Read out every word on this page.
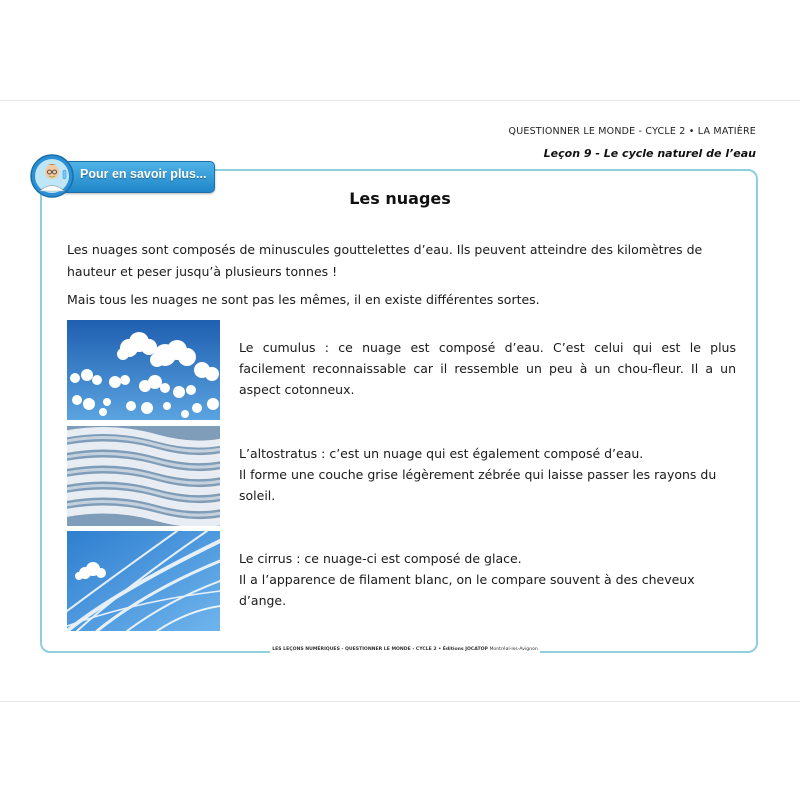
QUESTIONNER LE MONDE - CYCLE 2 • LA MATIÈRE
Leçon 9 - Le cycle naturel de l’eau
Pour en savoir plus...
Les nuages
Les nuages sont composés de minuscules gouttelettes d’eau. Ils peuvent atteindre des kilomètres de hauteur et peser jusqu’à plusieurs tonnes !
Mais tous les nuages ne sont pas les mêmes, il en existe différentes sortes.
Le cumulus : ce nuage est composé d’eau. C’est celui qui est le plus facilement reconnaissable car il ressemble un peu à un chou-fleur. Il a un aspect cotonneux.
L’altostratus : c’est un nuage qui est également composé d’eau.
Il forme une couche grise légèrement zébrée qui laisse passer les rayons du soleil.
Le cirrus : ce nuage-ci est composé de glace.
Il a l’apparence de filament blanc, on le compare souvent à des cheveux d’ange.
LES LEÇONS NUMÉRIQUES - QUESTIONNER LE MONDE - CYCLE 2 • Éditions JOCATOP Montréal-les-Avignon
